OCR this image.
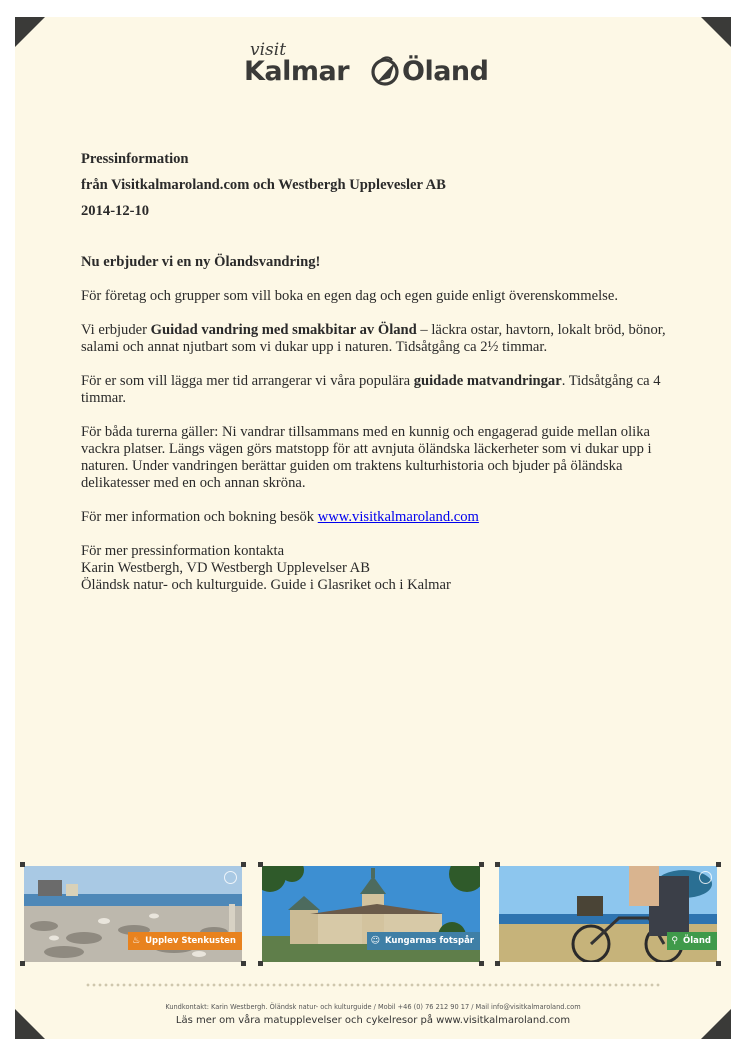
visit
Kalmar Öland

Pressinformation

från Visitkalmaroland.com och Westbergh Upplevesler AB

2014-12-10

Nu erbjuder vi en ny Ölandsvandring!

För företag och grupper som vill boka en egen dag och egen guide enligt överenskommelse.

Vi erbjuder Guidad vandring med smakbitar av Öland – läckra ostar, havtorn, lokalt bröd, bönor, salami och annat njutbart som vi dukar upp i naturen. Tidsåtgång ca 2½ timmar.

För er som vill lägga mer tid arrangerar vi våra populära guidade matvandringar. Tidsåtgång ca 4 timmar.

För båda turerna gäller: Ni vandrar tillsammans med en kunnig och engagerad guide mellan olika vackra platser. Längs vägen görs matstopp för att avnjuta öländska läckerheter som vi dukar upp i naturen. Under vandringen berättar guiden om traktens kulturhistoria och bjuder på öländska delikatesser med en och annan skröna.

För mer information och bokning besök www.visitkalmaroland.com

För mer pressinformation kontakta

Karin Westbergh, VD Westbergh Upplevelser AB

Öländsk natur- och kulturguide. Guide i Glasriket och i Kalmar

♨ Upplev Stenkusten	☺ Kungarnas fotspår	⚲ Öland
Kundkontakt: Karin Westbergh. Öländsk natur- och kulturguide / Mobil +46 (0) 76 212 90 17 / Mail info@visitkalmaroland.com
Läs mer om våra matupplevelser och cykelresor på www.visitkalmaroland.com
